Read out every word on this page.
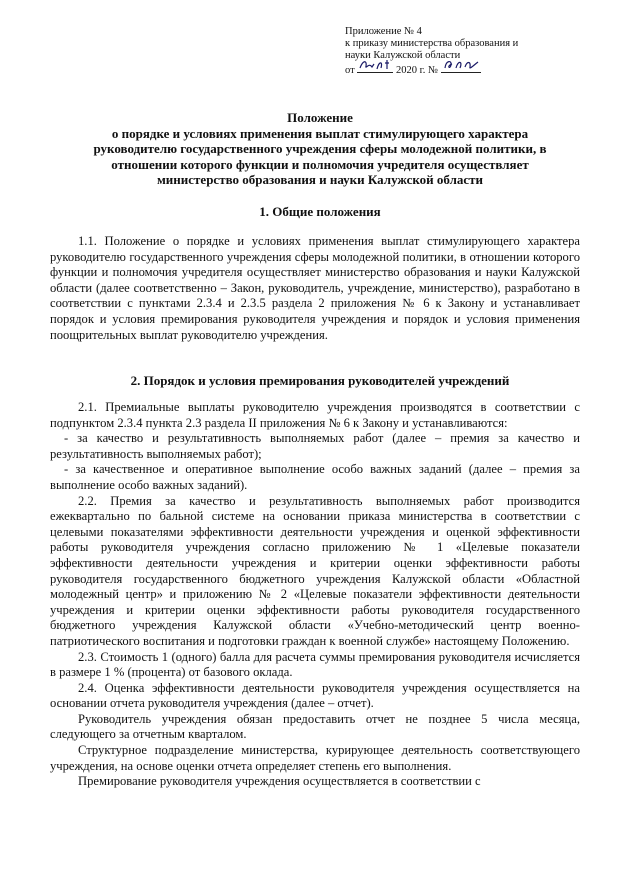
Приложение № 4
к приказу министерства образования и
науки Калужской области
от	2020 г. №
Положение
о порядке и условиях применения выплат стимулирующего характера
руководителю государственного учреждения сферы молодежной политики, в
отношении которого функции и полномочия учредителя осуществляет
министерство образования и науки Калужской области
1. Общие положения

1.1. Положение о порядке и условиях применения выплат стимулирующего характера руководителю государственного учреждения сферы молодежной политики, в отношении которого функции и полномочия учредителя осуществляет министерство образования и науки Калужской области (далее соответственно – Закон, руководитель, учреждение, министерство), разработано в соответствии с пунктами 2.3.4 и 2.3.5 раздела 2 приложения № 6 к Закону и устанавливает порядок и условия премирования руководителя учреждения и порядок и условия применения поощрительных выплат руководителю учреждения.

2. Порядок и условия премирования руководителей учреждений

2.1. Премиальные выплаты руководителю учреждения производятся в соответствии с подпунктом 2.3.4 пункта 2.3 раздела II приложения № 6 к Закону и устанавливаются:

- за качество и результативность выполняемых работ (далее – премия за качество и результативность выполняемых работ);

- за качественное и оперативное выполнение особо важных заданий (далее – премия за выполнение особо важных заданий).

2.2. Премия за качество и результативность выполняемых работ производится ежеквартально по бальной системе на основании приказа министерства в соответствии с целевыми показателями эффективности деятельности учреждения и оценкой эффективности работы руководителя учреждения согласно приложению № 1 «Целевые показатели эффективности деятельности учреждения и критерии оценки эффективности работы руководителя государственного бюджетного учреждения Калужской области «Областной молодежный центр» и приложению № 2 «Целевые показатели эффективности деятельности учреждения и критерии оценки эффективности работы руководителя государственного бюджетного учреждения Калужской области «Учебно-методический центр военно-патриотического воспитания и подготовки граждан к военной службе» настоящему Положению.

2.3. Стоимость 1 (одного) балла для расчета суммы премирования руководителя исчисляется в размере 1 % (процента) от базового оклада.

2.4. Оценка эффективности деятельности руководителя учреждения осуществляется на основании отчета руководителя учреждения (далее – отчет).

Руководитель учреждения обязан предоставить отчет не позднее 5 числа месяца, следующего за отчетным кварталом.

Структурное подразделение министерства, курирующее деятельность соответствующего учреждения, на основе оценки отчета определяет степень его выполнения.

Премирование руководителя учреждения осуществляется в соответствии с
